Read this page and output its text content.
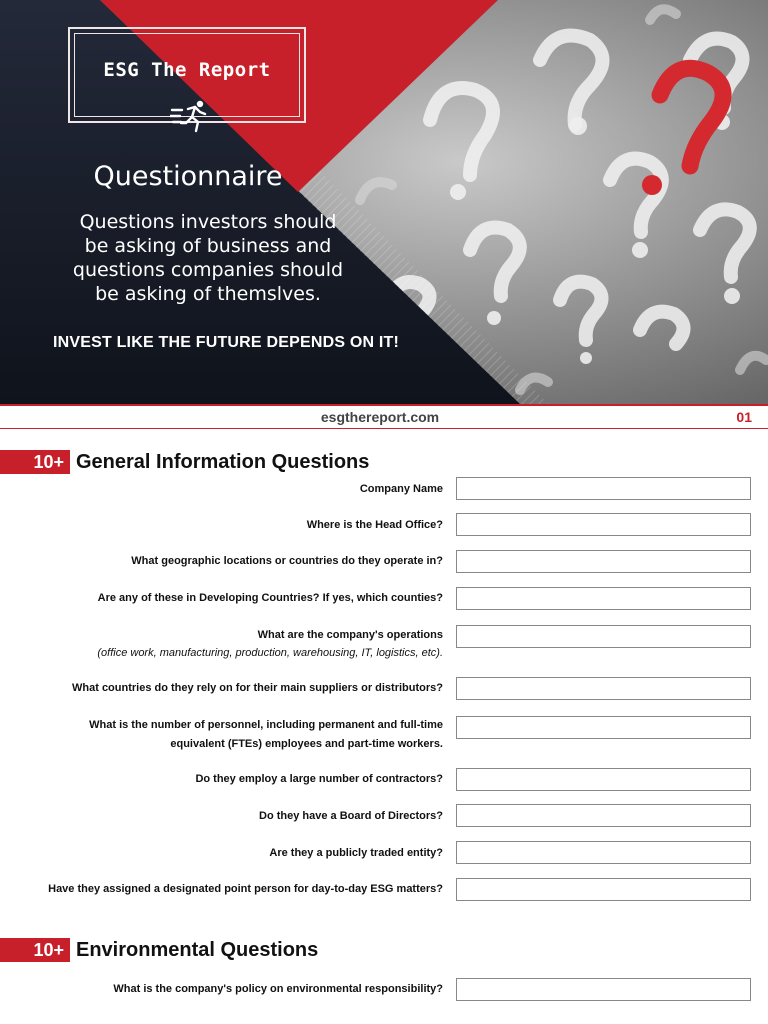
ESG The Report
Questionnaire
Questions investors should
be asking of business and
questions companies should
be asking of themslves.
INVEST LIKE THE FUTURE DEPENDS ON IT!
esgthereport.com	01
10+ General Information Questions
Company Name
Where is the Head Office?
What geographic locations or countries do they operate in?
Are any of these in Developing Countries? If yes, which counties?
What are the company's operations
(office work, manufacturing, production, warehousing, IT, logistics, etc).
What countries do they rely on for their main suppliers or distributors?
What is the number of personnel, including permanent and full-time
equivalent (FTEs) employees and part-time workers.
Do they employ a large number of contractors?
Do they have a Board of Directors?
Are they a publicly traded entity?
Have they assigned a designated point person for day-to-day ESG matters?
10+ Environmental Questions
What is the company's policy on environmental responsibility?
